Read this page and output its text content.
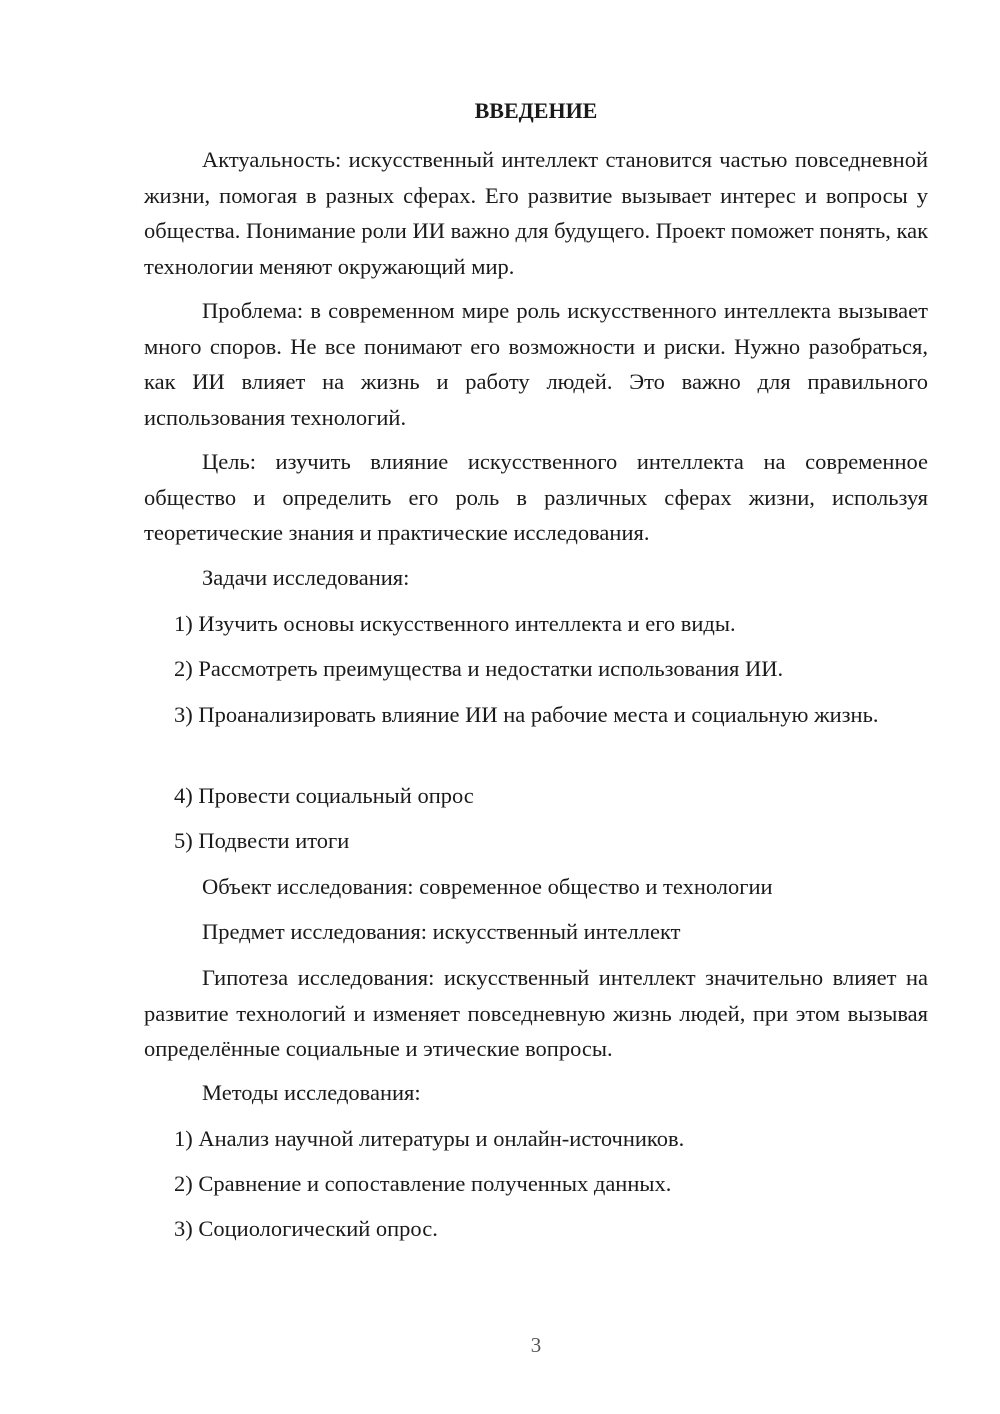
ВВЕДЕНИЕ

Актуальность: искусственный интеллект становится частью повседневной жизни, помогая в разных сферах. Его развитие вызывает интерес и вопросы у общества. Понимание роли ИИ важно для будущего. Проект поможет понять, как технологии меняют окружающий мир.

Проблема: в современном мире роль искусственного интеллекта вызывает много споров. Не все понимают его возможности и риски. Нужно разобраться, как ИИ влияет на жизнь и работу людей. Это важно для правильного использования технологий.

Цель: изучить влияние искусственного интеллекта на современное общество и определить его роль в различных сферах жизни, используя теоретические знания и практические исследования.

Задачи исследования:

1) Изучить основы искусственного интеллекта и его виды.

2) Рассмотреть преимущества и недостатки использования ИИ.

3) Проанализировать влияние ИИ на рабочие места и социальную жизнь.

4) Провести социальный опрос

5) Подвести итоги

Объект исследования: современное общество и технологии

Предмет исследования: искусственный интеллект

Гипотеза исследования: искусственный интеллект значительно влияет на развитие технологий и изменяет повседневную жизнь людей, при этом вызывая определённые социальные и этические вопросы.

Методы исследования:

1) Анализ научной литературы и онлайн-источников.

2) Сравнение и сопоставление полученных данных.

3) Социологический опрос.

3
